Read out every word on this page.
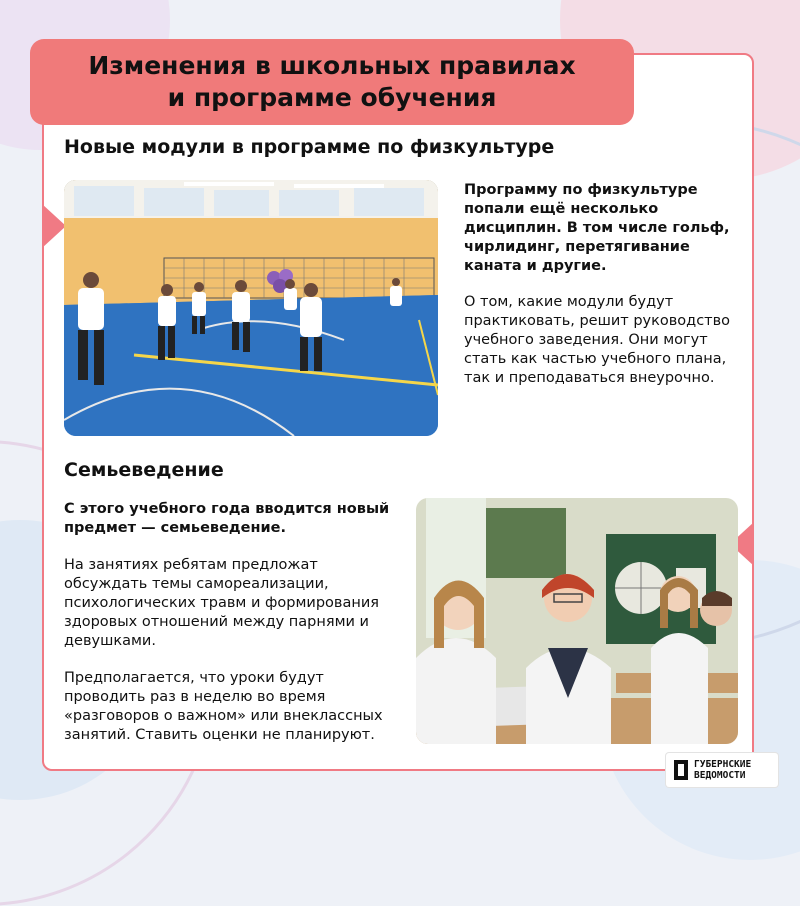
Изменения в школьных правилах
и программе обучения
Новые модули в программе по физкультуре

Программу по физкультуре попали ещё несколько дисциплин. В том числе гольф, чирлидинг, перетягивание каната и другие.

О том, какие модули будут практиковать, решит руководство учебного заведения. Они могут стать как частью учебного плана, так и преподаваться внеурочно.

Семьеведение

С этого учебного года вводится новый предмет — семьеведение.

На занятиях ребятам предложат обсуждать темы самореализации, психологических травм и формирования здоровых отношений между парнями и девушками.

Предполагается, что уроки будут проводить раз в неделю во время «разговоров о важном» или внеклассных занятий. Ставить оценки не планируют.

ГУБЕРНСКИЕ
ВЕДОМОСТИ
